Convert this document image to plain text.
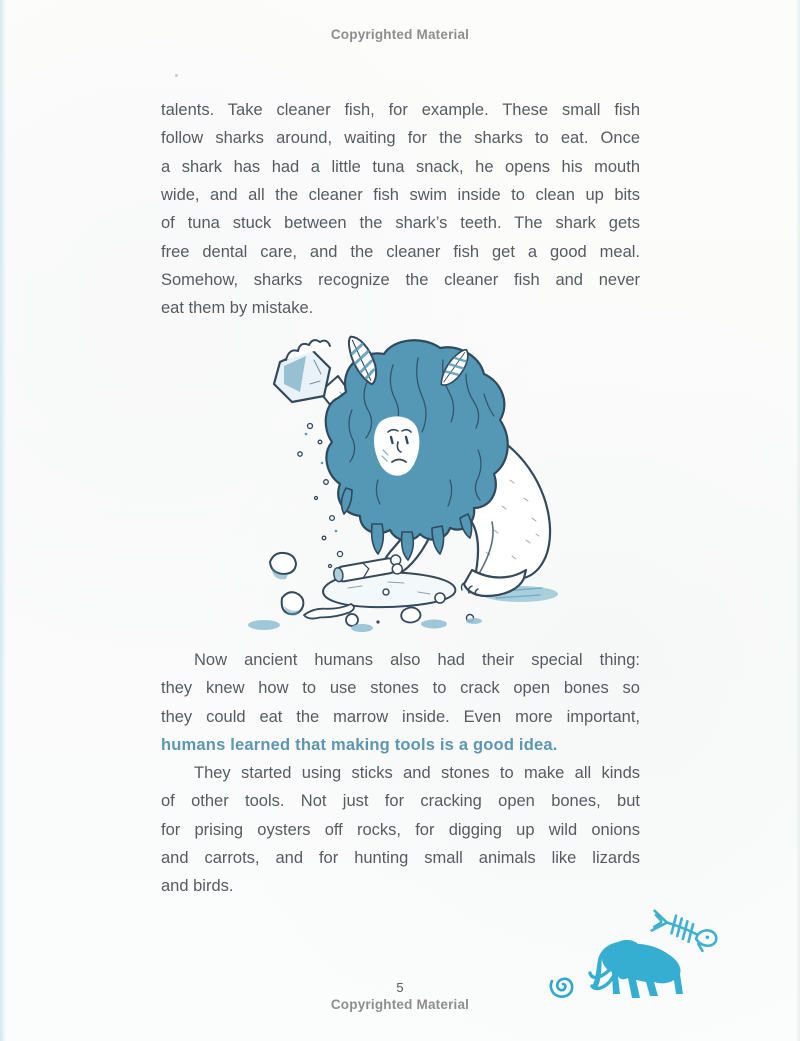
Copyrighted Material
talents. Take cleaner fish, for example. These small fish
follow sharks around, waiting for the sharks to eat. Once
a shark has had a little tuna snack, he opens his mouth
wide, and all the cleaner fish swim inside to clean up bits
of tuna stuck between the shark’s teeth. The shark gets
free dental care, and the cleaner fish get a good meal.
Somehow, sharks recognize the cleaner fish and never
eat them by mistake.
Now ancient humans also had their special thing:
they knew how to use stones to crack open bones so
they could eat the marrow inside. Even more important,
humans learned that making tools is a good idea.
They started using sticks and stones to make all kinds
of other tools. Not just for cracking open bones, but
for prising oysters off rocks, for digging up wild onions
and carrots, and for hunting small animals like lizards
and birds.
5
Copyrighted Material
